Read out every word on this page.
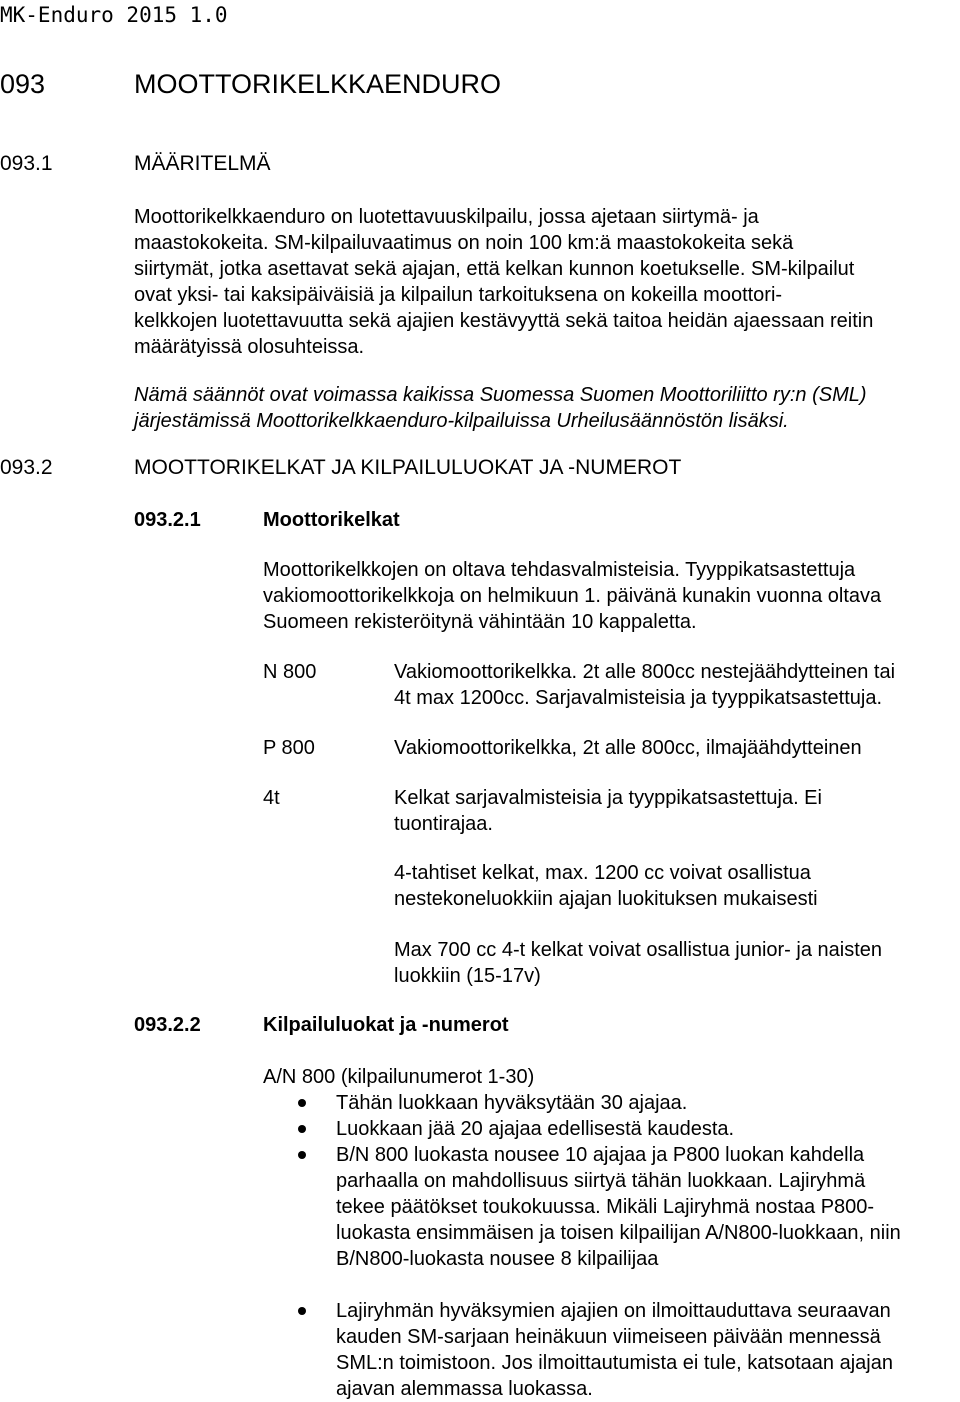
MK-Enduro 2015 1.0
093	MOOTTORIKELKKAENDURO
093.1	MÄÄRITELMÄ
Moottorikelkkaenduro on luotettavuuskilpailu, jossa ajetaan siirtymä- ja
maastokokeita. SM-kilpailuvaatimus on noin 100 km:ä maastokokeita sekä
siirtymät, jotka asettavat sekä ajajan, että kelkan kunnon koetukselle. SM-kilpailut
ovat yksi- tai kaksipäiväisiä ja kilpailun tarkoituksena on kokeilla moottori-
kelkkojen luotettavuutta sekä ajajien kestävyyttä sekä taitoa heidän ajaessaan reitin
määrätyissä olosuhteissa.
Nämä säännöt ovat voimassa kaikissa Suomessa Suomen Moottoriliitto ry:n (SML)
järjestämissä Moottorikelkkaenduro-kilpailuissa Urheilusäännöstön lisäksi.
093.2	MOOTTORIKELKAT JA KILPAILULUOKAT JA -NUMEROT
093.2.1	Moottorikelkat
Moottorikelkkojen on oltava tehdasvalmisteisia. Tyyppikatsastettuja
vakiomoottorikelkkoja on helmikuun 1. päivänä kunakin vuonna oltava
Suomeen rekisteröitynä vähintään 10 kappaletta.
N 800	Vakiomoottorikelkka. 2t alle 800cc nestejäähdytteinen tai
4t max 1200cc. Sarjavalmisteisia ja tyyppikatsastettuja.
P 800	Vakiomoottorikelkka, 2t alle 800cc, ilmajäähdytteinen
4t	Kelkat sarjavalmisteisia ja tyyppikatsastettuja. Ei
tuontirajaa.
4-tahtiset kelkat, max. 1200 cc voivat osallistua
nestekoneluokkiin ajajan luokituksen mukaisesti
Max 700 cc 4-t kelkat voivat osallistua junior- ja naisten
luokkiin (15-17v)
093.2.2	Kilpailuluokat ja -numerot
A/N 800 (kilpailunumerot 1-30)
Tähän luokkaan hyväksytään 30 ajajaa.
Luokkaan jää 20 ajajaa edellisestä kaudesta.
B/N 800 luokasta nousee 10 ajajaa ja P800 luokan kahdella
parhaalla on mahdollisuus siirtyä tähän luokkaan. Lajiryhmä
tekee päätökset toukokuussa. Mikäli Lajiryhmä nostaa P800-
luokasta ensimmäisen ja toisen kilpailijan A/N800-luokkaan, niin
B/N800-luokasta nousee 8 kilpailijaa
Lajiryhmän hyväksymien ajajien on ilmoittauduttava seuraavan
kauden SM-sarjaan heinäkuun viimeiseen päivään mennessä
SML:n toimistoon. Jos ilmoittautumista ei tule, katsotaan ajajan
ajavan alemmassa luokassa.
